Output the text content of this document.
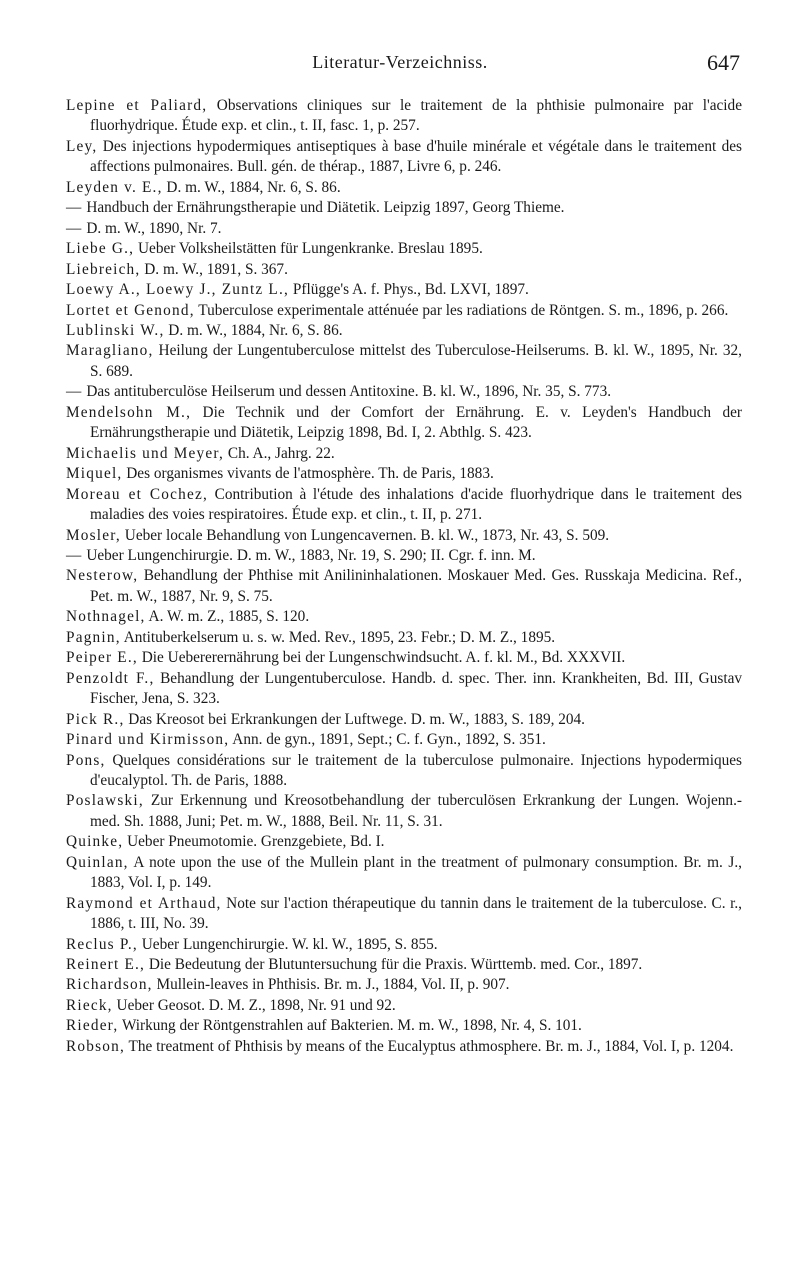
Literatur-Verzeichniss.	647
Lepine et Paliard, Observations cliniques sur le traitement de la phthisie pulmonaire par l'acide fluorhydrique. Étude exp. et clin., t. II, fasc. 1, p. 257.
Ley, Des injections hypodermiques antiseptiques à base d'huile minérale et végétale dans le traitement des affections pulmonaires. Bull. gén. de thérap., 1887, Livre 6, p. 246.
Leyden v. E., D. m. W., 1884, Nr. 6, S. 86.
— Handbuch der Ernährungstherapie und Diätetik. Leipzig 1897, Georg Thieme.
— D. m. W., 1890, Nr. 7.
Liebe G., Ueber Volksheilstätten für Lungenkranke. Breslau 1895.
Liebreich, D. m. W., 1891, S. 367.
Loewy A., Loewy J., Zuntz L., Pflügge's A. f. Phys., Bd. LXVI, 1897.
Lortet et Genond, Tuberculose experimentale atténuée par les radiations de Röntgen. S. m., 1896, p. 266.
Lublinski W., D. m. W., 1884, Nr. 6, S. 86.
Maragliano, Heilung der Lungentuberculose mittelst des Tuberculose-Heilserums. B. kl. W., 1895, Nr. 32, S. 689.
— Das antituberculöse Heilserum und dessen Antitoxine. B. kl. W., 1896, Nr. 35, S. 773.
Mendelsohn M., Die Technik und der Comfort der Ernährung. E. v. Leyden's Handbuch der Ernährungstherapie und Diätetik, Leipzig 1898, Bd. I, 2. Abthlg. S. 423.
Michaelis und Meyer, Ch. A., Jahrg. 22.
Miquel, Des organismes vivants de l'atmosphère. Th. de Paris, 1883.
Moreau et Cochez, Contribution à l'étude des inhalations d'acide fluorhydrique dans le traitement des maladies des voies respiratoires. Étude exp. et clin., t. II, p. 271.
Mosler, Ueber locale Behandlung von Lungencavernen. B. kl. W., 1873, Nr. 43, S. 509.
— Ueber Lungenchirurgie. D. m. W., 1883, Nr. 19, S. 290; II. Cgr. f. inn. M.
Nesterow, Behandlung der Phthise mit Anilininhalationen. Moskauer Med. Ges. Russkaja Medicina. Ref., Pet. m. W., 1887, Nr. 9, S. 75.
Nothnagel, A. W. m. Z., 1885, S. 120.
Pagnin, Antituberkelserum u. s. w. Med. Rev., 1895, 23. Febr.; D. M. Z., 1895.
Peiper E., Die Uebererernährung bei der Lungenschwindsucht. A. f. kl. M., Bd. XXXVII.
Penzoldt F., Behandlung der Lungentuberculose. Handb. d. spec. Ther. inn. Krankheiten, Bd. III, Gustav Fischer, Jena, S. 323.
Pick R., Das Kreosot bei Erkrankungen der Luftwege. D. m. W., 1883, S. 189, 204.
Pinard und Kirmisson, Ann. de gyn., 1891, Sept.; C. f. Gyn., 1892, S. 351.
Pons, Quelques considérations sur le traitement de la tuberculose pulmonaire. Injections hypodermiques d'eucalyptol. Th. de Paris, 1888.
Poslawski, Zur Erkennung und Kreosotbehandlung der tuberculösen Erkrankung der Lungen. Wojenn.- med. Sh. 1888, Juni; Pet. m. W., 1888, Beil. Nr. 11, S. 31.
Quinke, Ueber Pneumotomie. Grenzgebiete, Bd. I.
Quinlan, A note upon the use of the Mullein plant in the treatment of pulmonary consumption. Br. m. J., 1883, Vol. I, p. 149.
Raymond et Arthaud, Note sur l'action thérapeutique du tannin dans le traitement de la tuberculose. C. r., 1886, t. III, No. 39.
Reclus P., Ueber Lungenchirurgie. W. kl. W., 1895, S. 855.
Reinert E., Die Bedeutung der Blutuntersuchung für die Praxis. Württemb. med. Cor., 1897.
Richardson, Mullein-leaves in Phthisis. Br. m. J., 1884, Vol. II, p. 907.
Rieck, Ueber Geosot. D. M. Z., 1898, Nr. 91 und 92.
Rieder, Wirkung der Röntgenstrahlen auf Bakterien. M. m. W., 1898, Nr. 4, S. 101.
Robson, The treatment of Phthisis by means of the Eucalyptus athmosphere. Br. m. J., 1884, Vol. I, p. 1204.
